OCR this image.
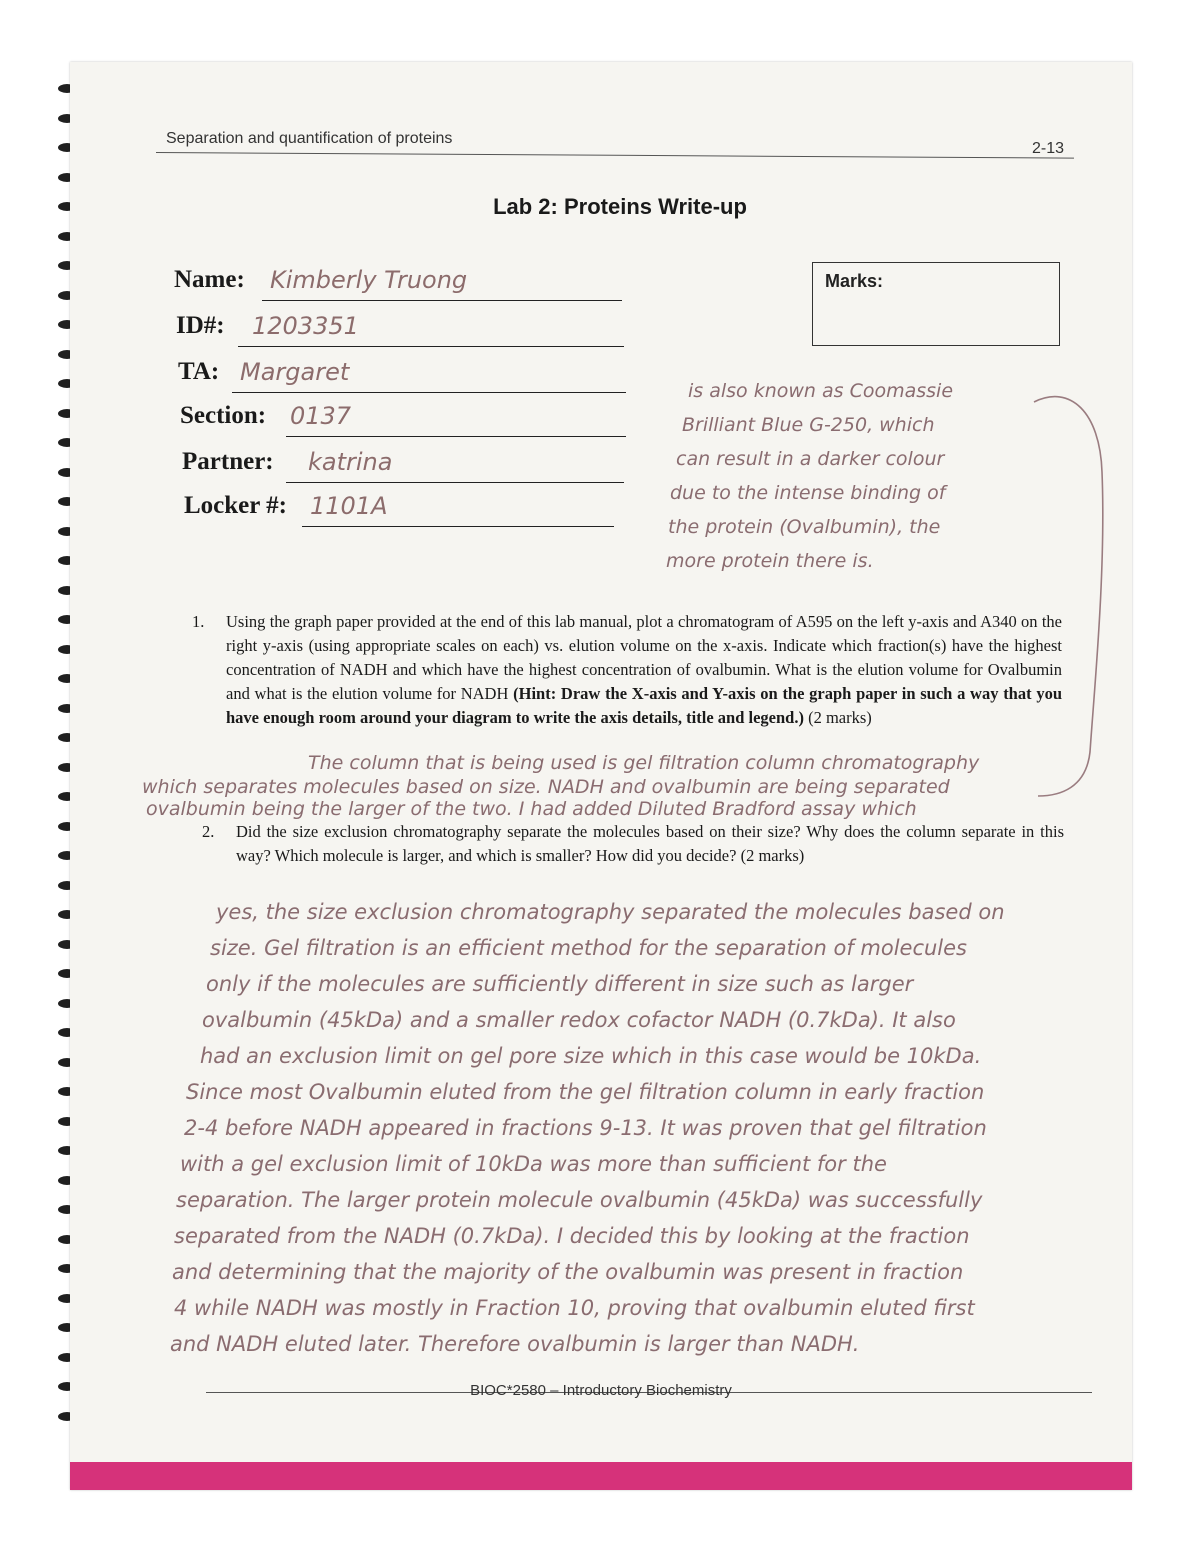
Separation and quantification of proteins
2-13
Lab 2: Proteins Write-up
Name: Kimberly Truong
ID#: 1203351
TA: Margaret
Section: 0137
Partner: katrina
Locker #: 1101A
Marks:
is also known as Coomassie
Brilliant Blue G-250, which
can result in a darker colour
due to the intense binding of
the protein (Ovalbumin), the
more protein there is.
1. Using the graph paper provided at the end of this lab manual, plot a chromatogram of A595 on the left y-axis and A340 on the right y-axis (using appropriate scales on each) vs. elution volume on the x-axis. Indicate which fraction(s) have the highest concentration of NADH and which have the highest concentration of ovalbumin. What is the elution volume for Ovalbumin and what is the elution volume for NADH (Hint: Draw the X-axis and Y-axis on the graph paper in such a way that you have enough room around your diagram to write the axis details, title and legend.) (2 marks)
The column that is being used is gel filtration column chromatography
which separates molecules based on size. NADH and ovalbumin are being separated
ovalbumin being the larger of the two. I had added Diluted Bradford assay which
2. Did the size exclusion chromatography separate the molecules based on their size? Why does the column separate in this way? Which molecule is larger, and which is smaller? How did you decide? (2 marks)
yes, the size exclusion chromatography separated the molecules based on
size. Gel filtration is an efficient method for the separation of molecules
only if the molecules are sufficiently different in size such as larger
ovalbumin (45kDa) and a smaller redox cofactor NADH (0.7kDa). It also
had an exclusion limit on gel pore size which in this case would be 10kDa.
Since most Ovalbumin eluted from the gel filtration column in early fraction
2-4 before NADH appeared in fractions 9-13. It was proven that gel filtration
with a gel exclusion limit of 10kDa was more than sufficient for the
separation. The larger protein molecule ovalbumin (45kDa) was successfully
separated from the NADH (0.7kDa). I decided this by looking at the fraction
and determining that the majority of the ovalbumin was present in fraction
4 while NADH was mostly in Fraction 10, proving that ovalbumin eluted first
and NADH eluted later. Therefore ovalbumin is larger than NADH.
BIOC*2580 – Introductory Biochemistry
